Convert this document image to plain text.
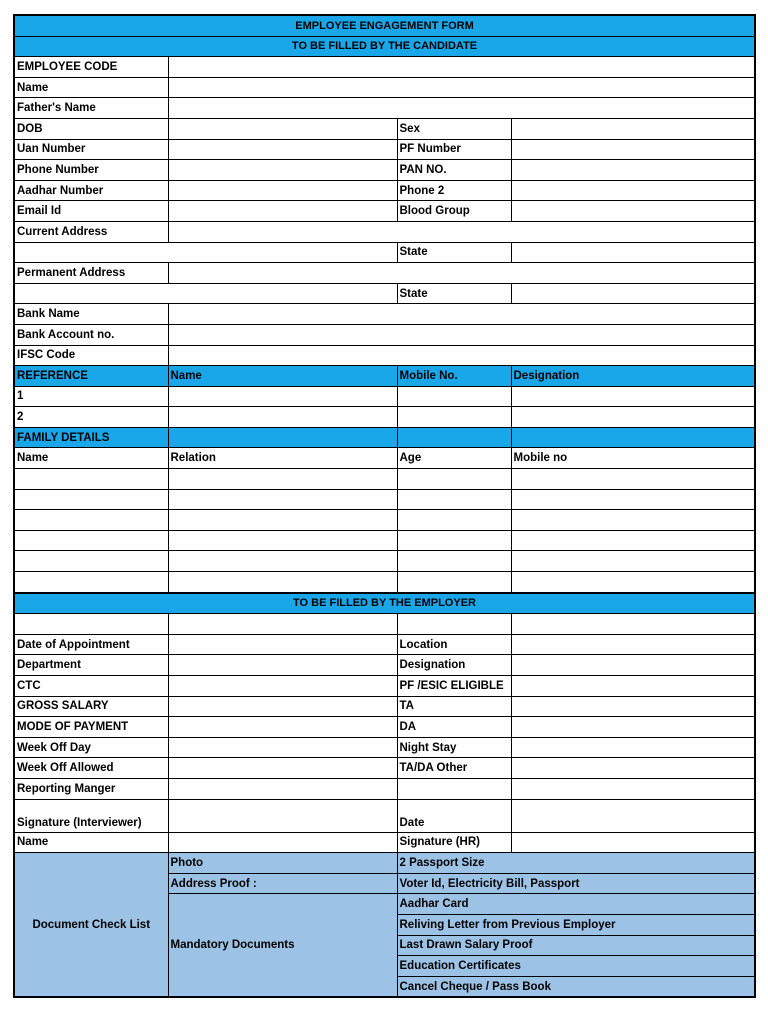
EMPLOYEE ENGAGEMENT FORM			
TO BE FILLED BY THE CANDIDATE			
EMPLOYEE CODE			
Name			
Father's Name			
DOB		Sex	
Uan Number		PF Number	
Phone Number		PAN NO.	
Aadhar Number		Phone 2	
Email Id		Blood Group	
Current Address			
		State	
Permanent Address			
		State	
Bank Name			
Bank Account no.			
IFSC Code			
REFERENCE	Name	Mobile No.	Designation
1			
2			
FAMILY DETAILS			
Name	Relation	Age	Mobile no

TO BE FILLED BY THE EMPLOYER			

Date of Appointment		Location	
Department		Designation	
CTC		PF /ESIC ELIGIBLE	
GROSS SALARY		TA	
MODE OF PAYMENT		DA	
Week Off Day		Night Stay	
Week Off Allowed		TA/DA Other	
Reporting Manger			
Signature (Interviewer)		Date	
Name		Signature (HR)	
Document Check List	Photo	2 Passport Size	
	Address Proof :	Voter Id, Electricity Bill, Passport	
	Mandatory Documents	Aadhar Card	
		Reliving Letter from Previous Employer	
		Last Drawn Salary Proof	
		Education Certificates	
		Cancel Cheque / Pass Book	
